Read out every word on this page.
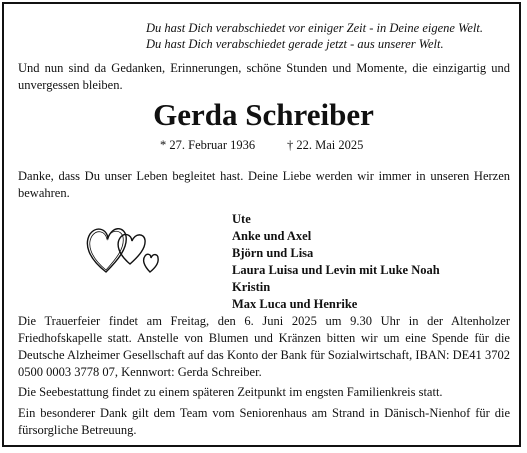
Du hast Dich verabschiedet vor einiger Zeit - in Deine eigene Welt.
Du hast Dich verabschiedet gerade jetzt - aus unserer Welt.
Und nun sind da Gedanken, Erinnerungen, schöne Stunden und Momente, die einzigartig und unvergessen bleiben.
Gerda Schreiber
* 27. Februar 1936	† 22. Mai 2025
Danke, dass Du unser Leben begleitet hast. Deine Liebe werden wir immer in unseren Herzen bewahren.
Ute
Anke und Axel
Björn und Lisa
Laura Luisa und Levin mit Luke Noah
Kristin
Max Luca und Henrike
Die Trauerfeier findet am Freitag, den 6. Juni 2025 um 9.30 Uhr in der Altenholzer Friedhofskapelle statt. Anstelle von Blumen und Kränzen bitten wir um eine Spende für die Deutsche Alzheimer Gesellschaft auf das Konto der Bank für Sozialwirtschaft, IBAN: DE41 3702 0500 0003 3778 07, Kennwort: Gerda Schreiber.
Die Seebestattung findet zu einem späteren Zeitpunkt im engsten Familienkreis statt.
Ein besonderer Dank gilt dem Team vom Seniorenhaus am Strand in Dänisch-Nienhof für die fürsorgliche Betreuung.
